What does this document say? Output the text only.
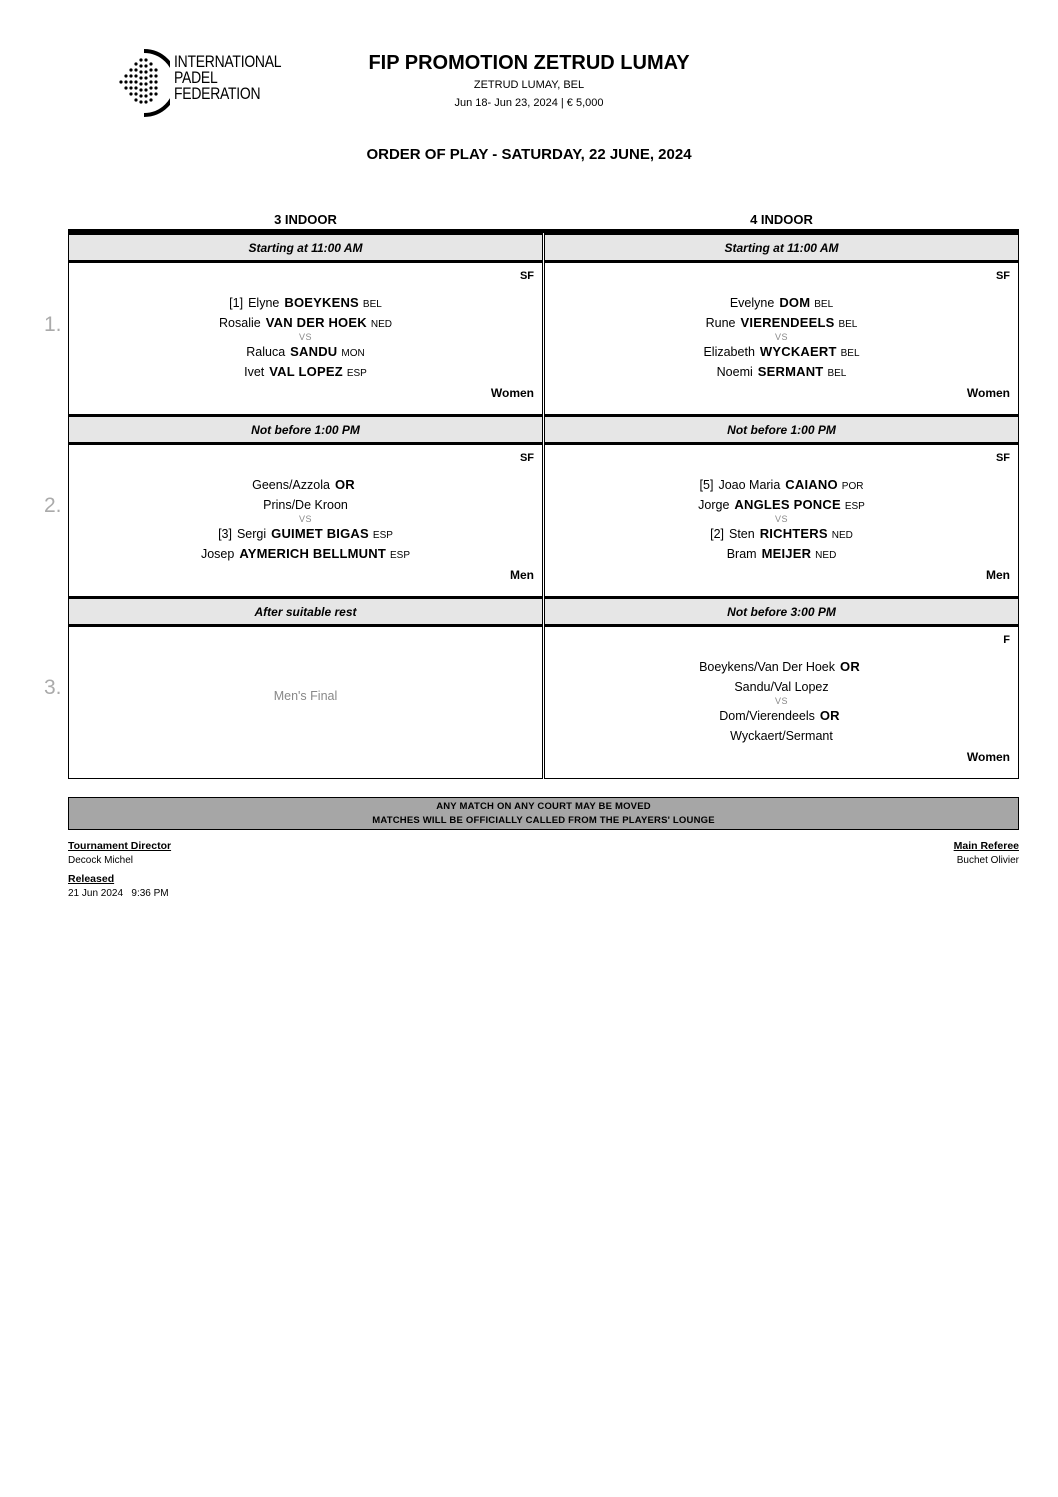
INTERNATIONAL
PADEL
FEDERATION
FIP PROMOTION ZETRUD LUMAY
ZETRUD LUMAY, BEL
Jun 18- Jun 23, 2024 | € 5,000
ORDER OF PLAY - SATURDAY, 22 JUNE, 2024
3 INDOOR	4 INDOOR
1.
2.
3.
Starting at 11:00 AM
SF
[1] Elyne BOEYKENS BEL
Rosalie VAN DER HOEK NED
VS
Raluca SANDU MON
Ivet VAL LOPEZ ESP
Women
Not before 1:00 PM
SF
Geens/Azzola OR
Prins/De Kroon
VS
[3] Sergi GUIMET BIGAS ESP
Josep AYMERICH BELLMUNT ESP
Men
After suitable rest
Men's Final
Starting at 11:00 AM
SF
Evelyne DOM BEL
Rune VIERENDEELS BEL
VS
Elizabeth WYCKAERT BEL
Noemi SERMANT BEL
Women
Not before 1:00 PM
SF
[5] Joao Maria CAIANO POR
Jorge ANGLES PONCE ESP
VS
[2] Sten RICHTERS NED
Bram MEIJER NED
Men
Not before 3:00 PM
F
Boeykens/Van Der Hoek OR
Sandu/Val Lopez
VS
Dom/Vierendeels OR
Wyckaert/Sermant
Women
ANY MATCH ON ANY COURT MAY BE MOVED
MATCHES WILL BE OFFICIALLY CALLED FROM THE PLAYERS' LOUNGE
Tournament Director
Decock Michel
Released
21 Jun 2024   9:36 PM
Main Referee
Buchet Olivier
